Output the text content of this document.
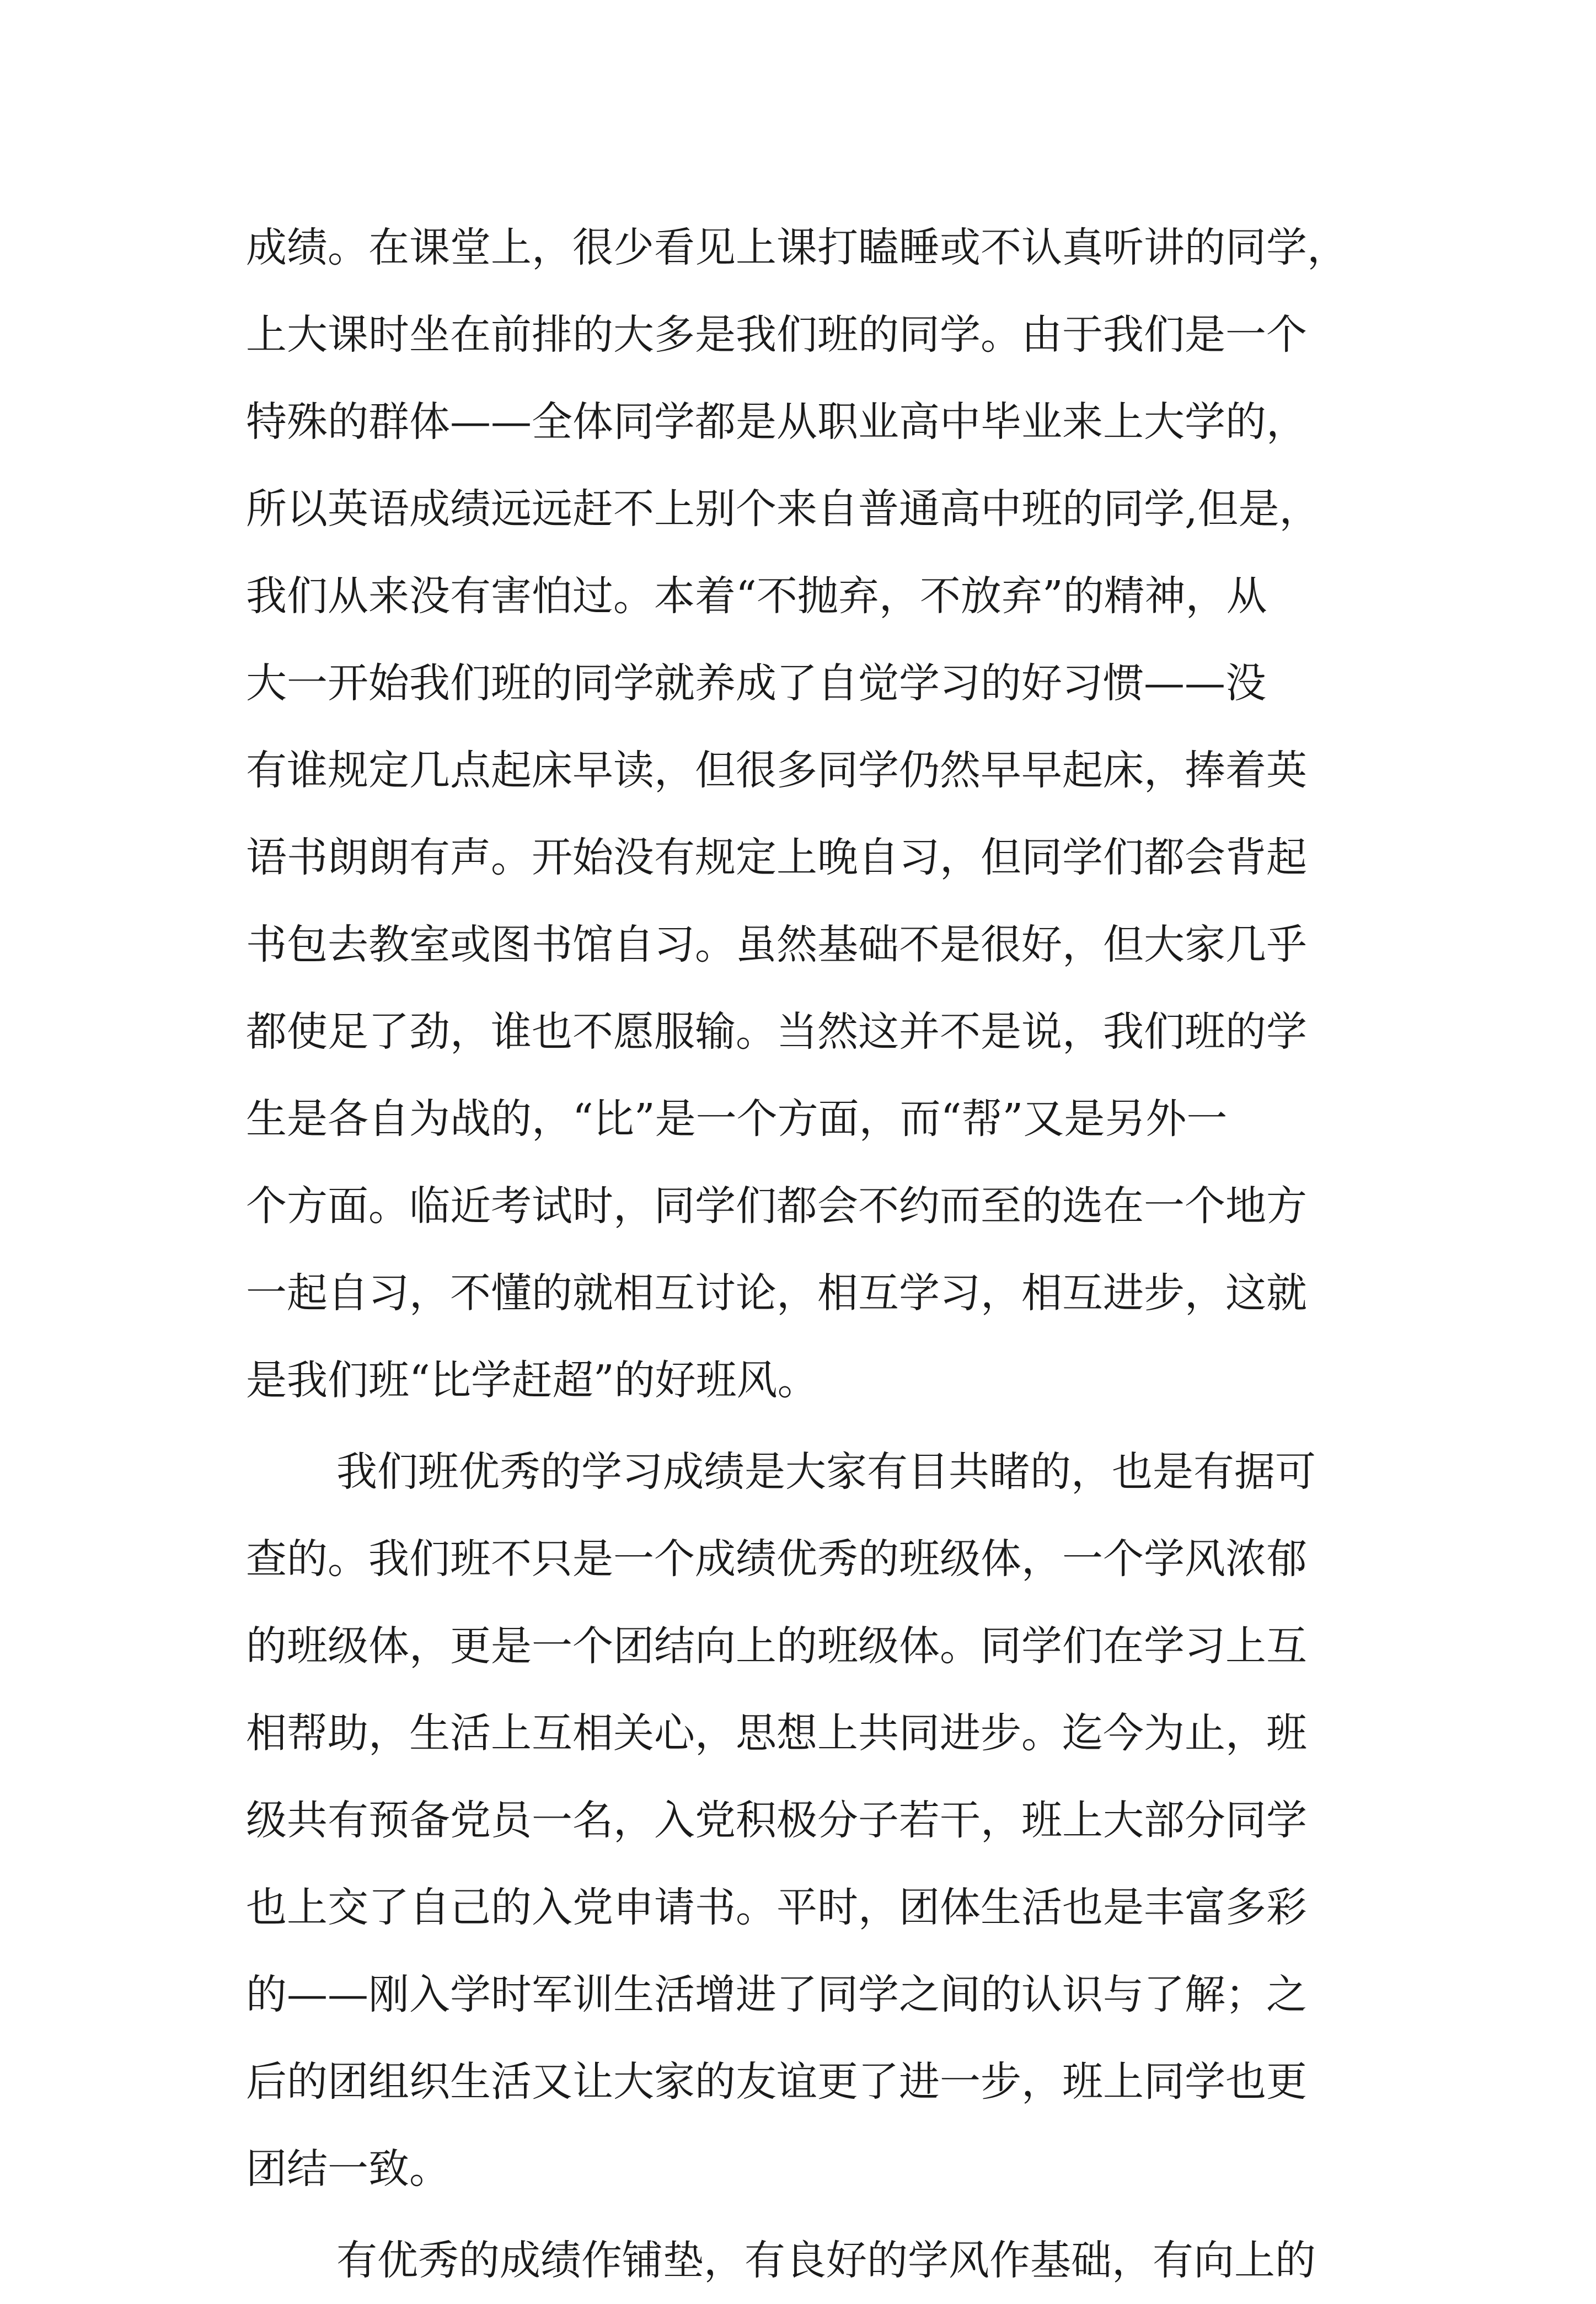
成绩。在课堂上，很少看见上课打瞌睡或不认真听讲的同学，
上大课时坐在前排的大多是我们班的同学。由于我们是一个
特殊的群体——全体同学都是从职业高中毕业来上大学的，
所以英语成绩远远赶不上别个来自普通高中班的同学,但是，
我们从来没有害怕过。本着“不抛弃，不放弃”的精神，从
大一开始我们班的同学就养成了自觉学习的好习惯——没
有谁规定几点起床早读，但很多同学仍然早早起床，捧着英
语书朗朗有声。开始没有规定上晚自习，但同学们都会背起
书包去教室或图书馆自习。虽然基础不是很好，但大家几乎
都使足了劲，谁也不愿服输。当然这并不是说，我们班的学
生是各自为战的，“比”是一个方面，而“帮”又是另外一
个方面。临近考试时，同学们都会不约而至的选在一个地方
一起自习，不懂的就相互讨论，相互学习，相互进步，这就
是我们班“比学赶超”的好班风。
我们班优秀的学习成绩是大家有目共睹的，也是有据可
查的。我们班不只是一个成绩优秀的班级体，一个学风浓郁
的班级体，更是一个团结向上的班级体。同学们在学习上互
相帮助，生活上互相关心，思想上共同进步。迄今为止，班
级共有预备党员一名，入党积极分子若干，班上大部分同学
也上交了自己的入党申请书。平时，团体生活也是丰富多彩
的——刚入学时军训生活增进了同学之间的认识与了解；之
后的团组织生活又让大家的友谊更了进一步，班上同学也更
团结一致。
有优秀的成绩作铺垫，有良好的学风作基础，有向上的
